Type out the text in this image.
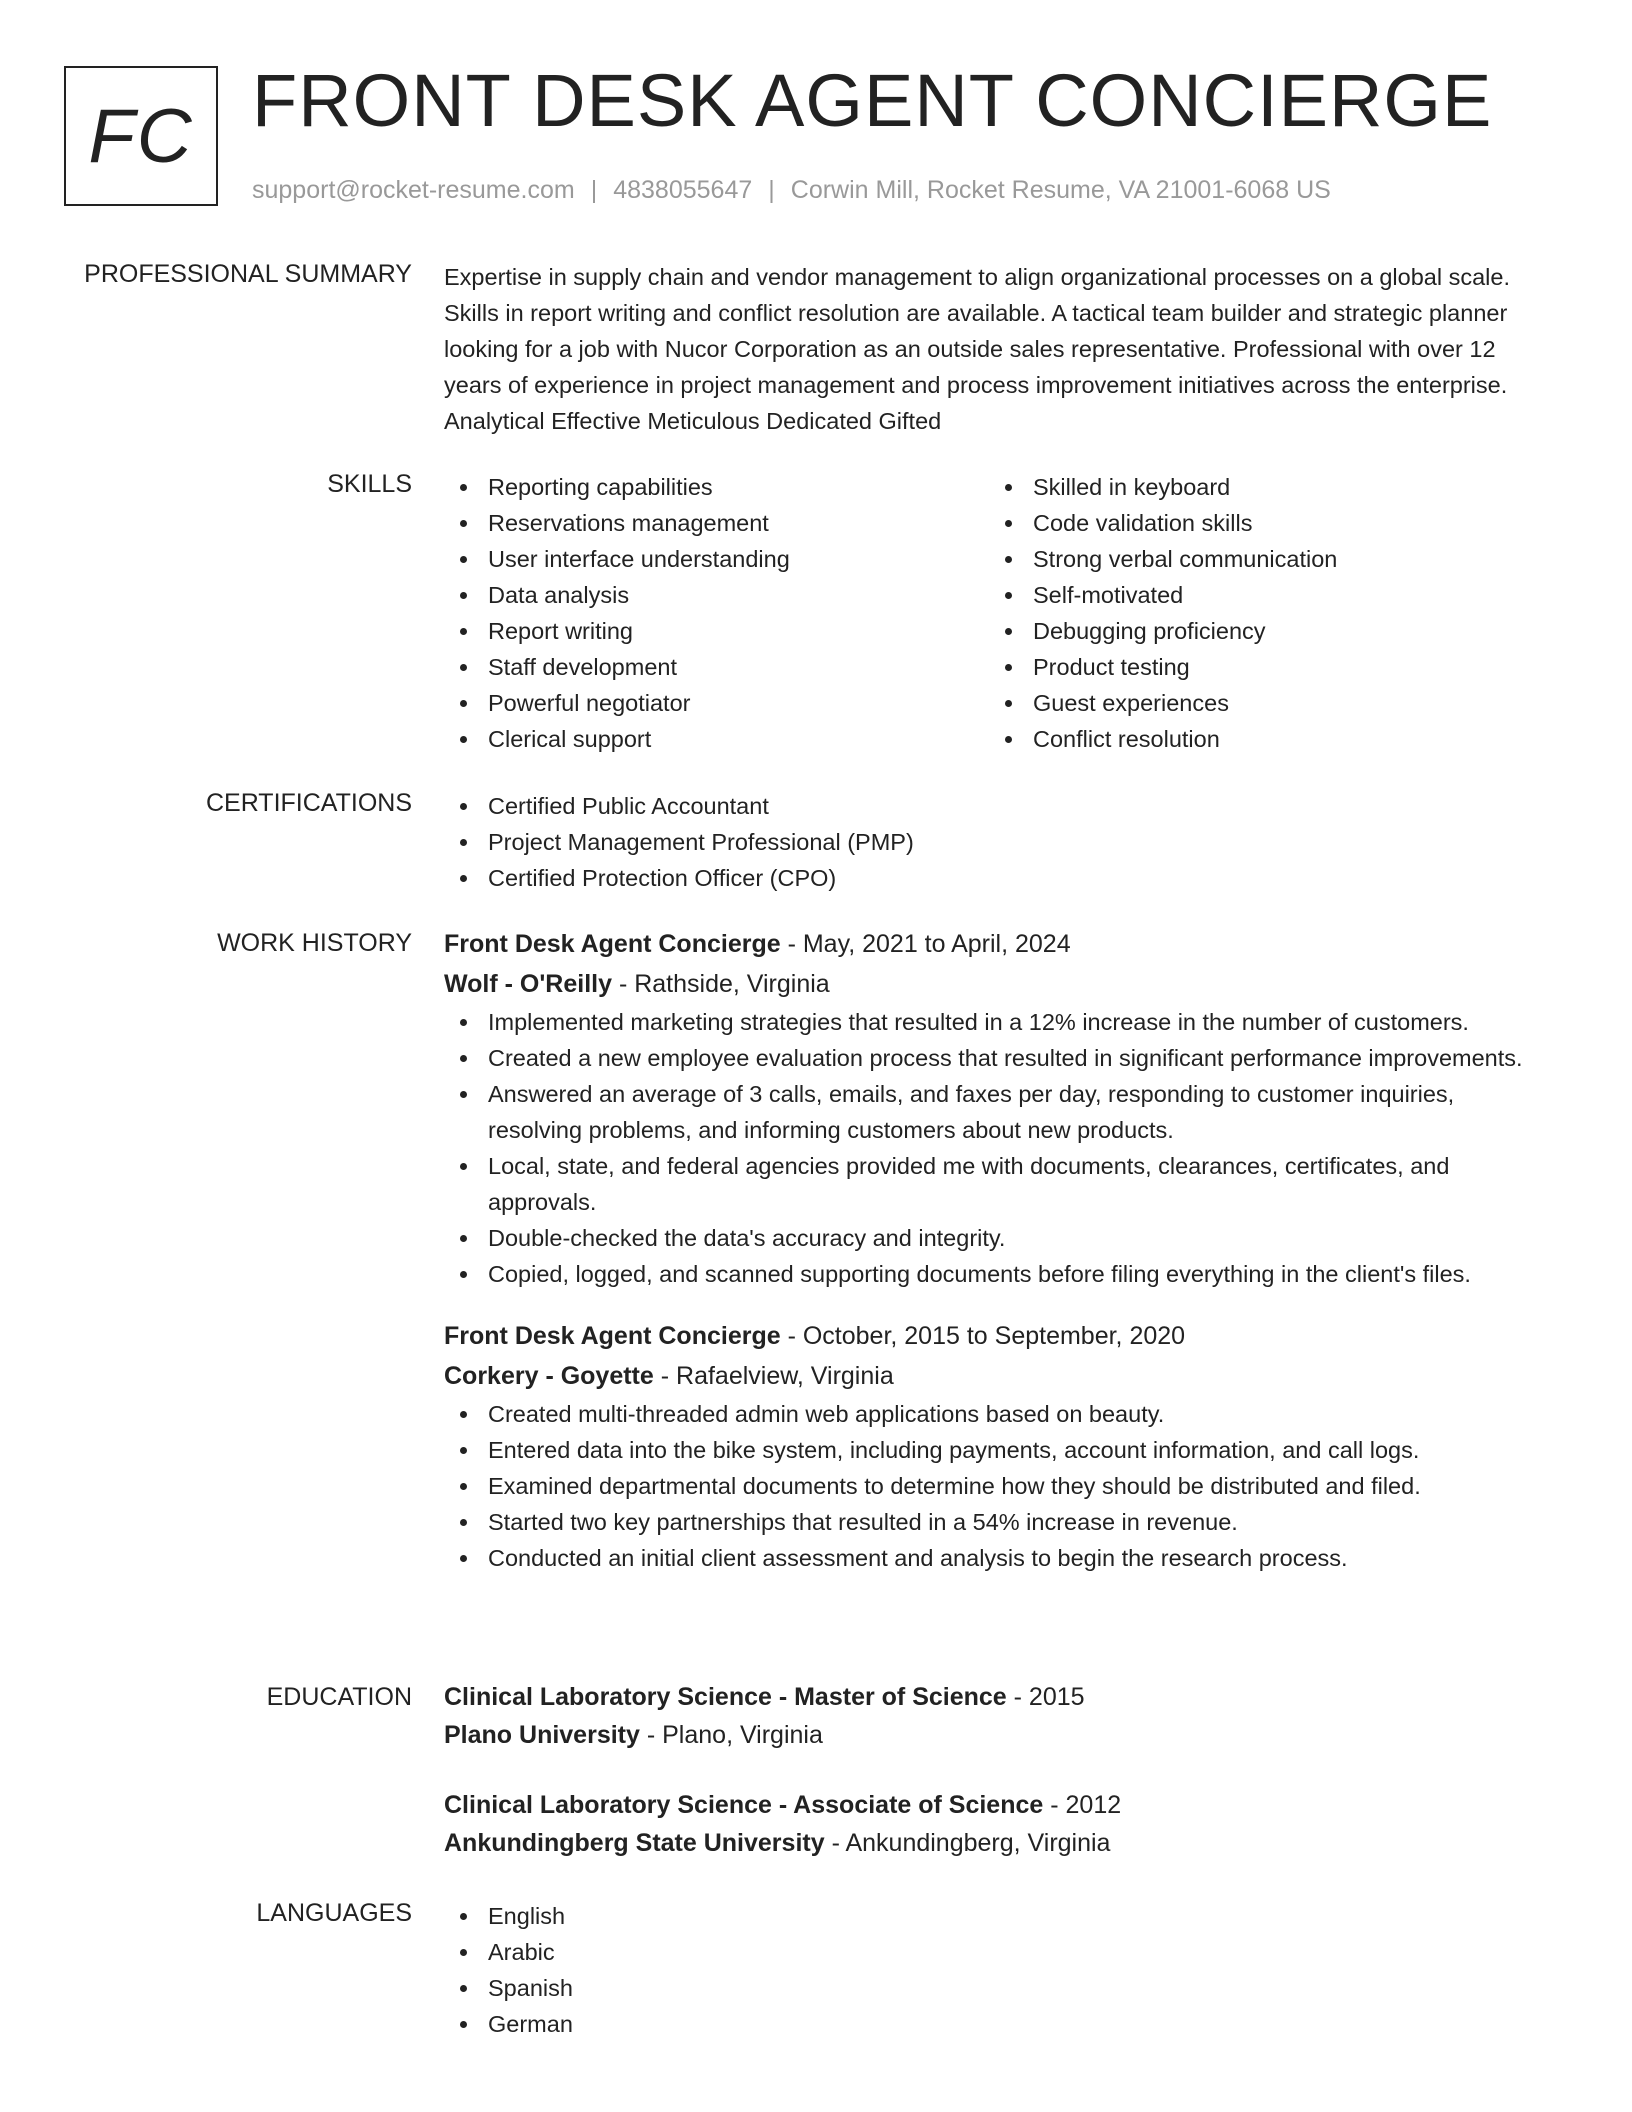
FC FRONT DESK AGENT CONCIERGE
support@rocket-resume.com | 4838055647 | Corwin Mill, Rocket Resume, VA 21001-6068 US
PROFESSIONAL SUMMARY Expertise in supply chain and vendor management to align organizational processes on a global scale. Skills in report writing and conflict resolution are available. A tactical team builder and strategic planner looking for a job with Nucor Corporation as an outside sales representative. Professional with over 12 years of experience in project management and process improvement initiatives across the enterprise. Analytical Effective Meticulous Dedicated Gifted
SKILLS	Reporting capabilities
Reservations management
User interface understanding
Data analysis
Report writing
Staff development
Powerful negotiator
Clerical support
Skilled in keyboard
Code validation skills
Strong verbal communication
Self-motivated
Debugging proficiency
Product testing
Guest experiences
Conflict resolution
CERTIFICATIONS	Certified Public Accountant
Project Management Professional (PMP)
Certified Protection Officer (CPO)
WORK HISTORY Front Desk Agent Concierge - May, 2021 to April, 2024
Wolf - O'Reilly - Rathside, Virginia
Implemented marketing strategies that resulted in a 12% increase in the number of customers.
Created a new employee evaluation process that resulted in significant performance improvements.
Answered an average of 3 calls, emails, and faxes per day, responding to customer inquiries, resolving problems, and informing customers about new products.
Local, state, and federal agencies provided me with documents, clearances, certificates, and approvals.
Double-checked the data's accuracy and integrity.
Copied, logged, and scanned supporting documents before filing everything in the client's files.
Front Desk Agent Concierge - October, 2015 to September, 2020
Corkery - Goyette - Rafaelview, Virginia
Created multi-threaded admin web applications based on beauty.
Entered data into the bike system, including payments, account information, and call logs.
Examined departmental documents to determine how they should be distributed and filed.
Started two key partnerships that resulted in a 54% increase in revenue.
Conducted an initial client assessment and analysis to begin the research process.
EDUCATION Clinical Laboratory Science - Master of Science - 2015
Plano University - Plano, Virginia
Clinical Laboratory Science - Associate of Science - 2012
Ankundingberg State University - Ankundingberg, Virginia
LANGUAGES	English
Arabic
Spanish
German
